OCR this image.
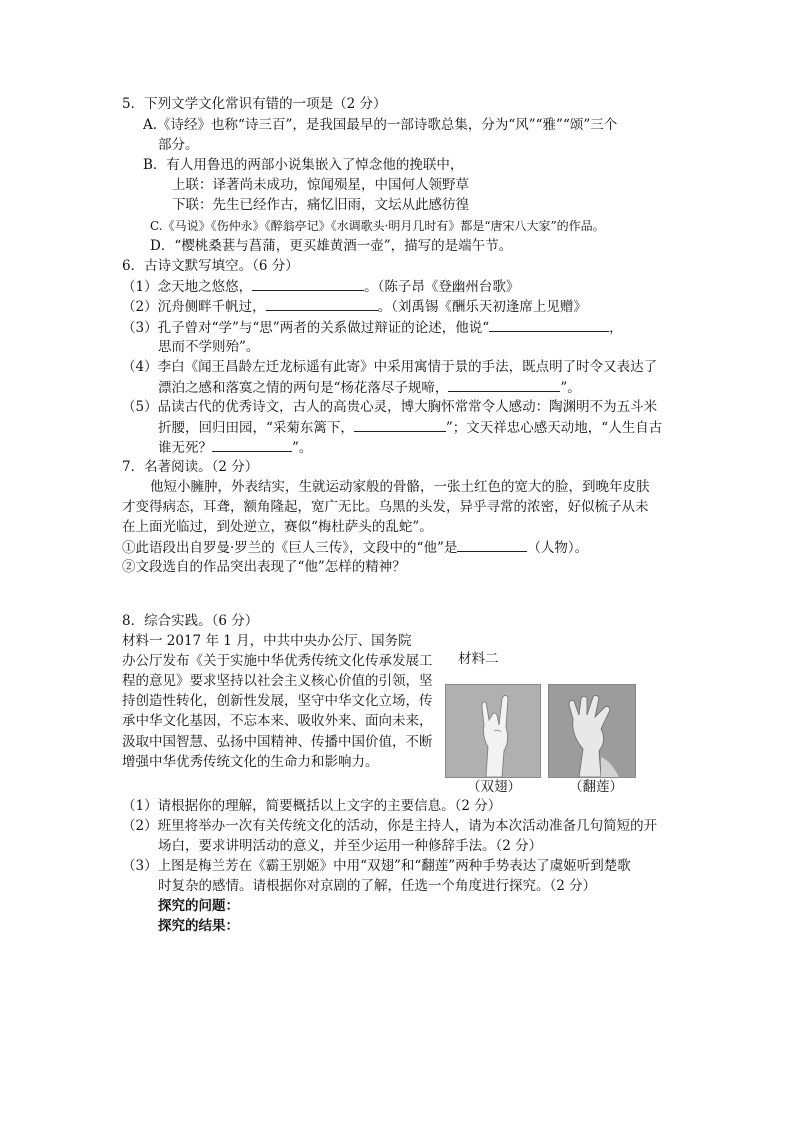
5．下列文学文化常识有错的一项是（2 分）
A.《诗经》也称“诗三百”，是我国最早的一部诗歌总集，分为“风”“雅”“颂”三个
部分。
B．有人用鲁迅的两部小说集嵌入了悼念他的挽联中，
上联：译著尚未成功，惊闻殒星，中国何人领野草
下联：先生已经作古，痛忆旧雨，文坛从此感彷徨
C.《马说》《伤仲永》《醉翁亭记》《水调歌头·明月几时有》都是“唐宋八大家”的作品。
D．“樱桃桑葚与菖蒲，更买雄黄酒一壶”，描写的是端午节。
6．古诗文默写填空。（6 分）
（1）念天地之悠悠，	。（陈子昂《登幽州台歌》
（2）沉舟侧畔千帆过，	。（刘禹锡《酬乐天初逢席上见赠》
（3）孔子曾对“学”与“思”两者的关系做过辩证的论述，他说“	，
思而不学则殆”。
（4）李白《闻王昌龄左迁龙标遥有此寄》中采用寓情于景的手法，既点明了时令又表达了
漂泊之感和落寞之情的两句是“杨花落尽子规啼，	”。
（5）品读古代的优秀诗文，古人的高贵心灵，博大胸怀常常令人感动：陶渊明不为五斗米
折腰，回归田园，“采菊东篱下，	”；文天祥忠心感天动地，“人生自古
谁无死？	”。
7．名著阅读。（2 分）
他短小臃肿，外表结实，生就运动家般的骨骼，一张土红色的宽大的脸，到晚年皮肤
才变得病态，耳聋，额角隆起，宽广无比。乌黑的头发，异乎寻常的浓密，好似梳子从未
在上面光临过，到处逆立，赛似“梅杜萨头的乱蛇”。
①此语段出自罗曼·罗兰的《巨人三传》，文段中的“他”是	（人物）。
②文段选自的作品突出表现了“他”怎样的精神？
8．综合实践。（6 分）
材料一 2017 年 1 月，中共中央办公厅、国务院
办公厅发布《关于实施中华优秀传统文化传承发展工
程的意见》要求坚持以社会主义核心价值的引领，坚
持创造性转化，创新性发展，坚守中华文化立场，传
承中华文化基因，不忘本来、吸收外来、面向未来，
汲取中国智慧、弘扬中国精神、传播中国价值，不断
增强中华优秀传统文化的生命力和影响力。
材料二
（双翅）	（翻莲）
（1）请根据你的理解，简要概括以上文字的主要信息。（2 分）
（2）班里将举办一次有关传统文化的活动，你是主持人，请为本次活动准备几句简短的开
场白，要求讲明活动的意义，并至少运用一种修辞手法。（2 分）
（3）上图是梅兰芳在《霸王别姬》中用“双翅”和“翻莲”两种手势表达了虞姬听到楚歌
时复杂的感情。请根据你对京剧的了解，任选一个角度进行探究。（2 分）
探究的问题：
探究的结果：
